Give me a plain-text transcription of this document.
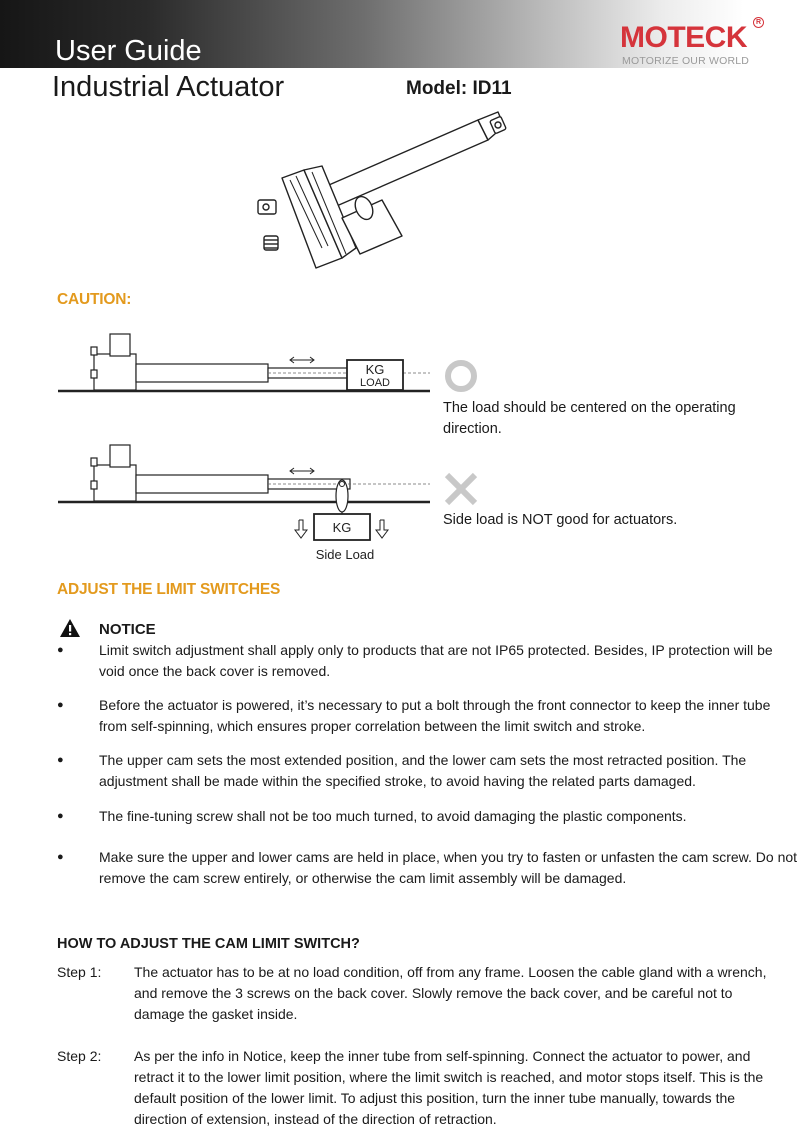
User Guide	MOTECK	R
MOTORIZE OUR WORLD
Industrial Actuator	Model: ID11
CAUTION:
KG
LOAD
The load should be centered on the operating direction.
KG
Side Load
Side load is NOT good for actuators.
ADJUST THE LIMIT SWITCHES
NOTICE
●	Limit switch adjustment shall apply only to products that are not IP65 protected. Besides, IP protection will be void once the back cover is removed.
●	Before the actuator is powered, it’s necessary to put a bolt through the front connector to keep the inner tube from self-spinning, which ensures proper correlation between the limit switch and stroke.
●	The upper cam sets the most extended position, and the lower cam sets the most retracted position. The adjustment shall be made within the specified stroke, to avoid having the related parts damaged.
●	The fine-tuning screw shall not be too much turned, to avoid damaging the plastic components.
●	Make sure the upper and lower cams are held in place, when you try to fasten or unfasten the cam screw. Do not remove the cam screw entirely, or otherwise the cam limit assembly will be damaged.
HOW TO ADJUST THE CAM LIMIT SWITCH?
Step 1:	The actuator has to be at no load condition, off from any frame. Loosen the cable gland with a wrench, and remove the 3 screws on the back cover. Slowly remove the back cover, and be careful not to damage the gasket inside.
Step 2:	As per the info in Notice, keep the inner tube from self-spinning. Connect the actuator to power, and retract it to the lower limit position, where the limit switch is reached, and motor stops itself. This is the default position of the lower limit. To adjust this position, turn the inner tube manually, towards the direction of extension, instead of the direction of retraction.
